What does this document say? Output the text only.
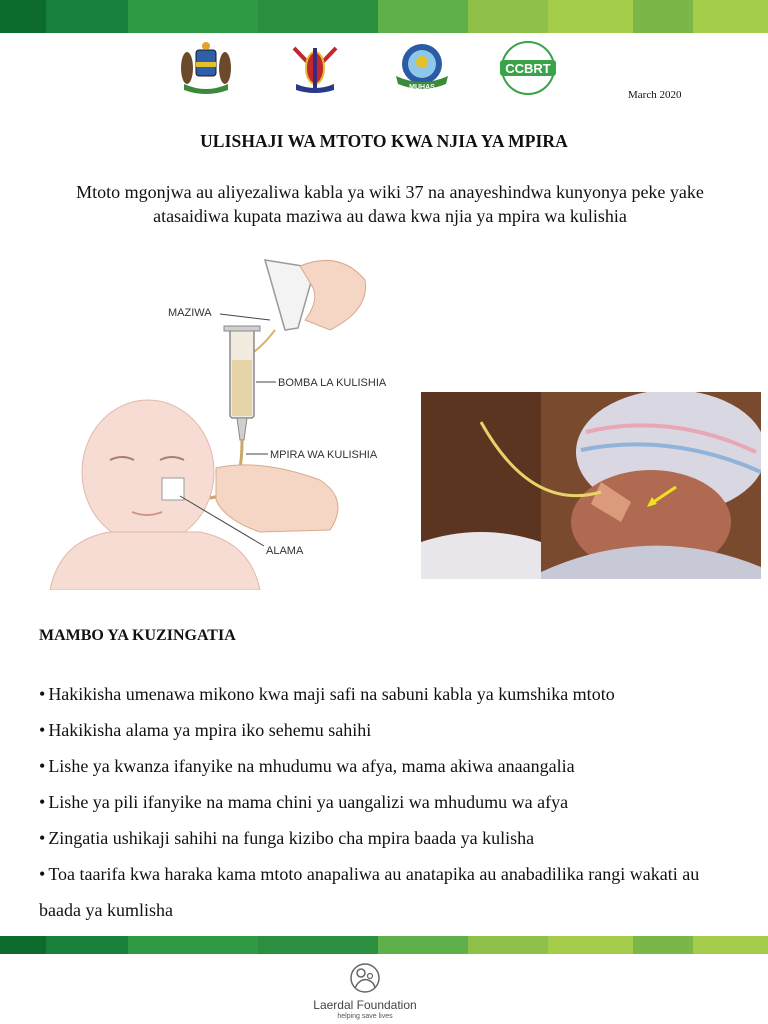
MUHAS
CCBRT
March 2020
ULISHAJI WA MTOTO KWA NJIA YA MPIRA
Mtoto mgonjwa au aliyezaliwa kabla ya wiki 37 na anayeshindwa kunyonya peke yake atasaidiwa kupata maziwa au dawa kwa njia ya mpira wa kulishia
MAZIWA
BOMBA LA KULISHIA
MPIRA WA KULISHIA
ALAMA
MAMBO YA KUZINGATIA
• Hakikisha umenawa mikono kwa maji safi na sabuni kabla ya kumshika mtoto
• Hakikisha alama ya mpira iko sehemu sahihi
• Lishe ya kwanza ifanyike na mhudumu wa afya, mama akiwa anaangalia
• Lishe ya pili ifanyike na mama chini ya uangalizi wa mhudumu wa afya
• Zingatia ushikaji sahihi na funga kizibo cha mpira baada ya kulisha
• Toa taarifa kwa haraka kama mtoto anapaliwa au anatapika au anabadilika rangi wakati au baada ya kumlisha
Laerdal Foundation
helping save lives
